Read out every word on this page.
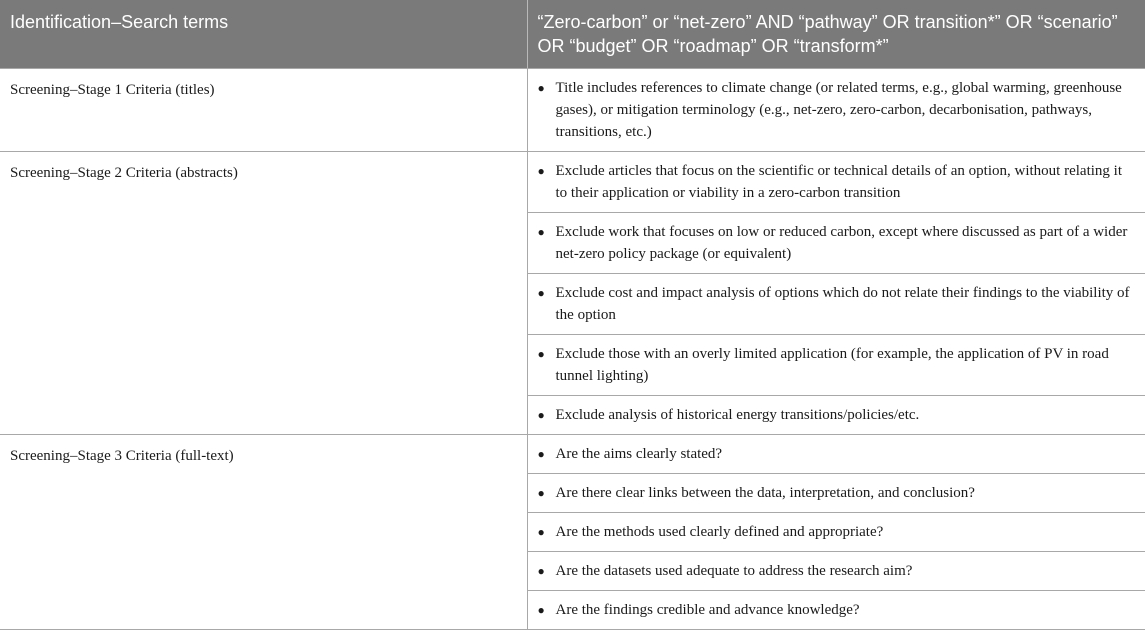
Identification–Search terms	“Zero-carbon” or “net-zero” AND “pathway” OR transition*” OR “scenario” OR “budget” OR “roadmap” OR “transform*”
Screening–Stage 1 Criteria (titles)	● Title includes references to climate change (or related terms, e.g., global warming, greenhouse gases), or mitigation terminology (e.g., net-zero, zero-carbon, decarbonisation, pathways, transitions, etc.)
Screening–Stage 2 Criteria (abstracts)	● Exclude articles that focus on the scientific or technical details of an option, without relating it to their application or viability in a zero-carbon transition

	● Exclude work that focuses on low or reduced carbon, except where discussed as part of a wider net-zero policy package (or equivalent)

	● Exclude cost and impact analysis of options which do not relate their findings to the viability of the option

	● Exclude those with an overly limited application (for example, the application of PV in road tunnel lighting)

	● Exclude analysis of historical energy transitions/policies/etc.
Screening–Stage 3 Criteria (full-text)	● Are the aims clearly stated?

	● Are there clear links between the data, interpretation, and conclusion?

	● Are the methods used clearly defined and appropriate?

	● Are the datasets used adequate to address the research aim?

	● Are the findings credible and advance knowledge?
